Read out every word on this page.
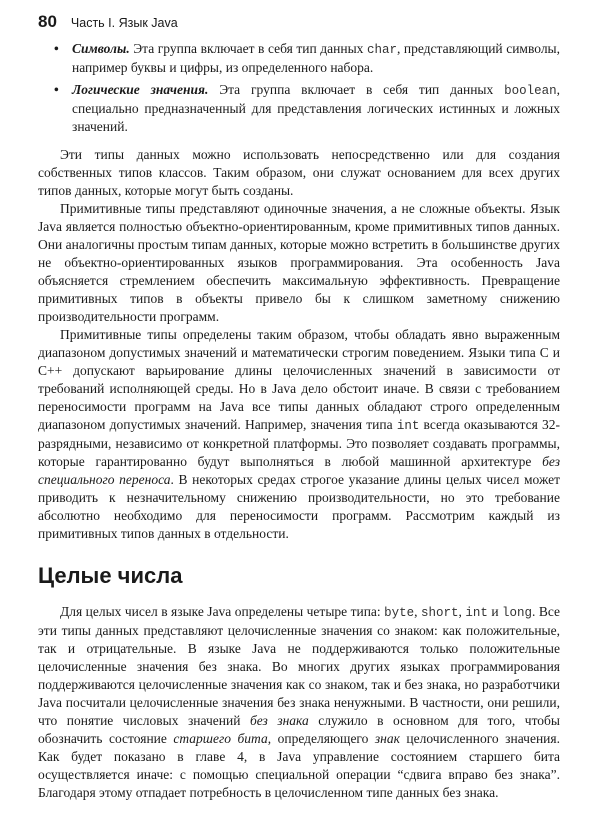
80 Часть I. Язык Java
• Символы. Эта группа включает в себя тип данных char, представляющий символы, например буквы и цифры, из определенного набора.
• Логические значения. Эта группа включает в себя тип данных boolean, специально предназначенный для представления логических истинных и ложных значений.

Эти типы данных можно использовать непосредственно или для создания собственных типов классов. Таким образом, они служат основанием для всех других типов данных, которые могут быть созданы.

Примитивные типы представляют одиночные значения, а не сложные объекты. Язык Java является полностью объектно-ориентированным, кроме примитивных типов данных. Они аналогичны простым типам данных, которые можно встретить в большинстве других не объектно-ориентированных языков программирования. Эта особенность Java объясняется стремлением обеспечить максимальную эффективность. Превращение примитивных типов в объекты привело бы к слишком заметному снижению производительности программ.

Примитивные типы определены таким образом, чтобы обладать явно выраженным диапазоном допустимых значений и математически строгим поведением. Языки типа C и C++ допускают варьирование длины целочисленных значений в зависимости от требований исполняющей среды. Но в Java дело обстоит иначе. В связи с требованием переносимости программ на Java все типы данных обладают строго определенным диапазоном допустимых значений. Например, значения типа int всегда оказываются 32-разрядными, независимо от конкретной платформы. Это позволяет создавать программы, которые гарантированно будут выполняться в любой машинной архитектуре без специального переноса. В некоторых средах строгое указание длины целых чисел может приводить к незначительному снижению производительности, но это требование абсолютно необходимо для переносимости программ. Рассмотрим каждый из примитивных типов данных в отдельности.

Целые числа

Для целых чисел в языке Java определены четыре типа: byte, short, int и long. Все эти типы данных представляют целочисленные значения со знаком: как положительные, так и отрицательные. В языке Java не поддерживаются только положительные целочисленные значения без знака. Во многих других языках программирования поддерживаются целочисленные значения как со знаком, так и без знака, но разработчики Java посчитали целочисленные значения без знака ненужными. В частности, они решили, что понятие числовых значений без знака служило в основном для того, чтобы обозначить состояние старшего бита, определяющего знак целочисленного значения. Как будет показано в главе 4, в Java управление состоянием старшего бита осуществляется иначе: с помощью специальной операции “сдвига вправо без знака”. Благодаря этому отпадает потребность в целочисленном типе данных без знака.
